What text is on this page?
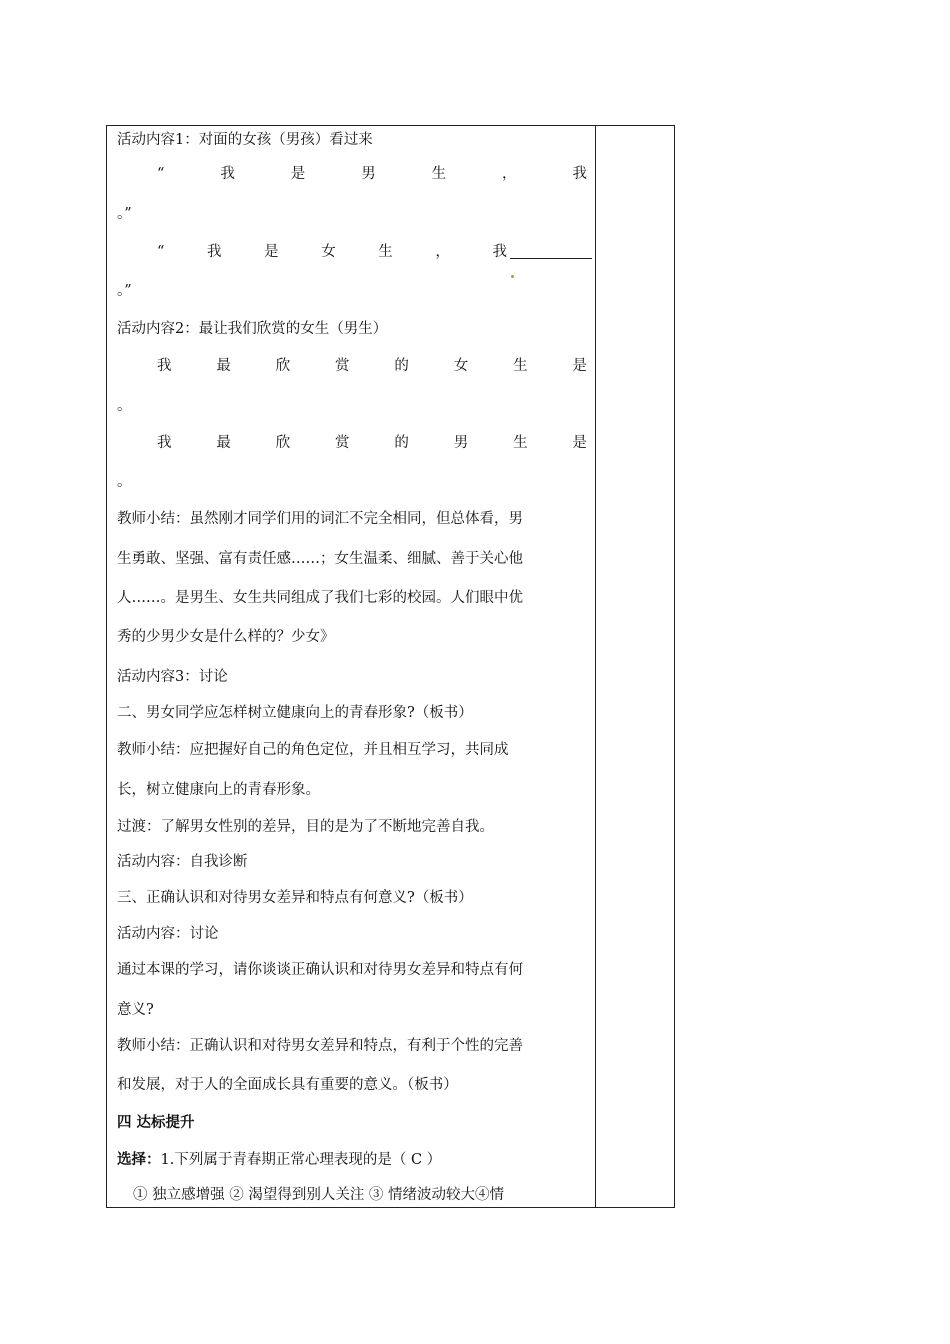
活动内容1：对面的女孩（男孩）看过来
“	我	是	男	生	，	我
。”
“	我	是	女	生	，	我
。”
活动内容2：最让我们欣赏的女生（男生）
我	最	欣	赏	的	女	生	是
。
我	最	欣	赏	的	男	生	是
。
教师小结：虽然刚才同学们用的词汇不完全相同，但总体看，男
生勇敢、坚强、富有责任感……；女生温柔、细腻、善于关心他
人……。是男生、女生共同组成了我们七彩的校园。人们眼中优
秀的少男少女是什么样的？少女》
活动内容3：讨论
二、男女同学应怎样树立健康向上的青春形象?（板书）
教师小结：应把握好自己的角色定位，并且相互学习，共同成
长，树立健康向上的青春形象。
过渡：了解男女性别的差异，目的是为了不断地完善自我。
活动内容：自我诊断
三、正确认识和对待男女差异和特点有何意义?（板书）
活动内容：讨论
通过本课的学习，请你谈谈正确认识和对待男女差异和特点有何
意义?
教师小结：正确认识和对待男女差异和特点，有利于个性的完善
和发展，对于人的全面成长具有重要的意义。（板书）
四 达标提升
选择：1.下列属于青春期正常心理表现的是（ C ）
① 独立感增强 ② 渴望得到别人关注 ③ 情绪波动较大④情
